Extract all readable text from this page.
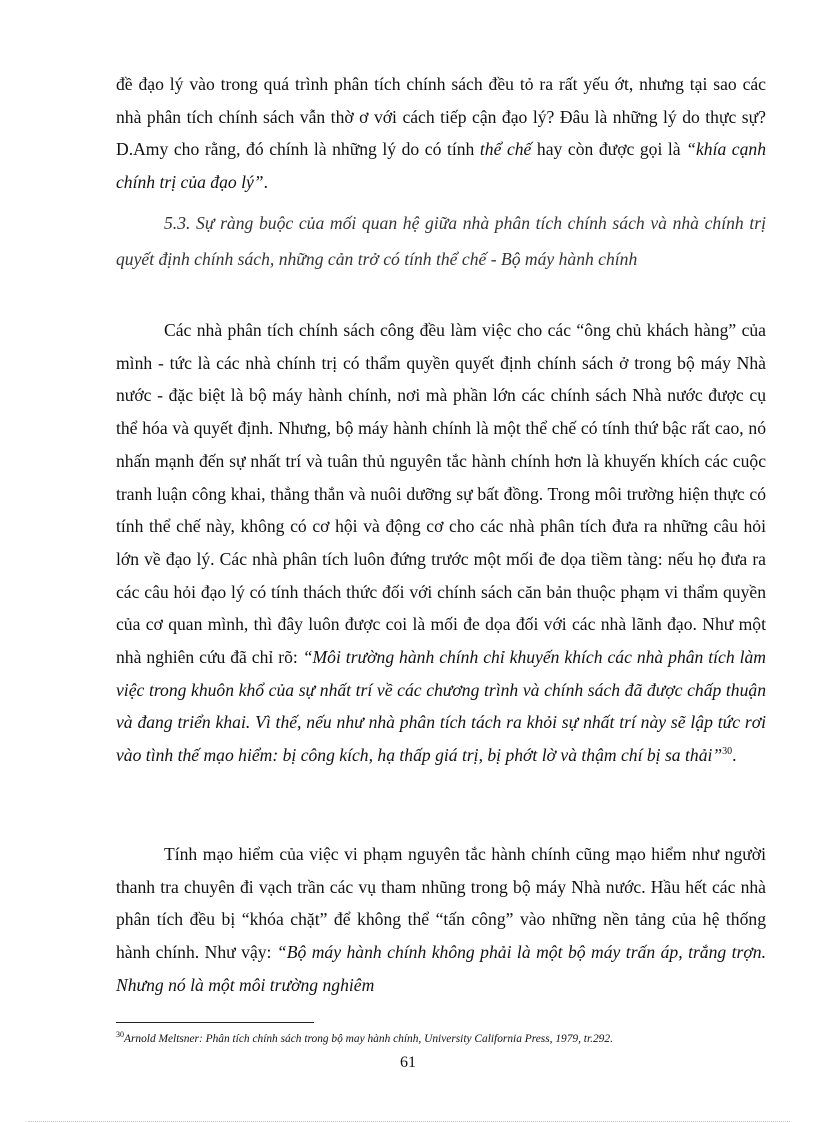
đề đạo lý vào trong quá trình phân tích chính sách đều tỏ ra rất yếu ớt, nhưng tại sao các nhà phân tích chính sách vẫn thờ ơ với cách tiếp cận đạo lý? Đâu là những lý do thực sự? D.Amy cho rằng, đó chính là những lý do có tính thể chế hay còn được gọi là “khía cạnh chính trị của đạo lý”.

5.3. Sự ràng buộc của mối quan hệ giữa nhà phân tích chính sách và nhà chính trị quyết định chính sách, những cản trở có tính thể chế - Bộ máy hành chính

Các nhà phân tích chính sách công đều làm việc cho các “ông chủ khách hàng” của mình - tức là các nhà chính trị có thẩm quyền quyết định chính sách ở trong bộ máy Nhà nước - đặc biệt là bộ máy hành chính, nơi mà phần lớn các chính sách Nhà nước được cụ thể hóa và quyết định. Nhưng, bộ máy hành chính là một thể chế có tính thứ bậc rất cao, nó nhấn mạnh đến sự nhất trí và tuân thủ nguyên tắc hành chính hơn là khuyến khích các cuộc tranh luận công khai, thẳng thắn và nuôi dưỡng sự bất đồng. Trong môi trường hiện thực có tính thể chế này, không có cơ hội và động cơ cho các nhà phân tích đưa ra những câu hỏi lớn về đạo lý. Các nhà phân tích luôn đứng trước một mối đe dọa tiềm tàng: nếu họ đưa ra các câu hỏi đạo lý có tính thách thức đối với chính sách căn bản thuộc phạm vi thẩm quyền của cơ quan mình, thì đây luôn được coi là mối đe dọa đối với các nhà lãnh đạo. Như một nhà nghiên cứu đã chỉ rõ: “Môi trường hành chính chỉ khuyến khích các nhà phân tích làm việc trong khuôn khổ của sự nhất trí về các chương trình và chính sách đã được chấp thuận và đang triển khai. Vì thế, nếu như nhà phân tích tách ra khỏi sự nhất trí này sẽ lập tức rơi vào tình thế mạo hiểm: bị công kích, hạ thấp giá trị, bị phớt lờ và thậm chí bị sa thải”$^{30}$.

Tính mạo hiểm của việc vi phạm nguyên tắc hành chính cũng mạo hiểm như người thanh tra chuyên đi vạch trần các vụ tham nhũng trong bộ máy Nhà nước. Hầu hết các nhà phân tích đều bị “khóa chặt” để không thể “tấn công” vào những nền tảng của hệ thống hành chính. Như vậy: “Bộ máy hành chính không phải là một bộ máy trấn áp, trắng trợn. Nhưng nó là một môi trường nghiêm

$^{30}$Arnold Meltsner: Phân tích chính sách trong bộ may hành chính, University California Press, 1979, tr.292.
61
